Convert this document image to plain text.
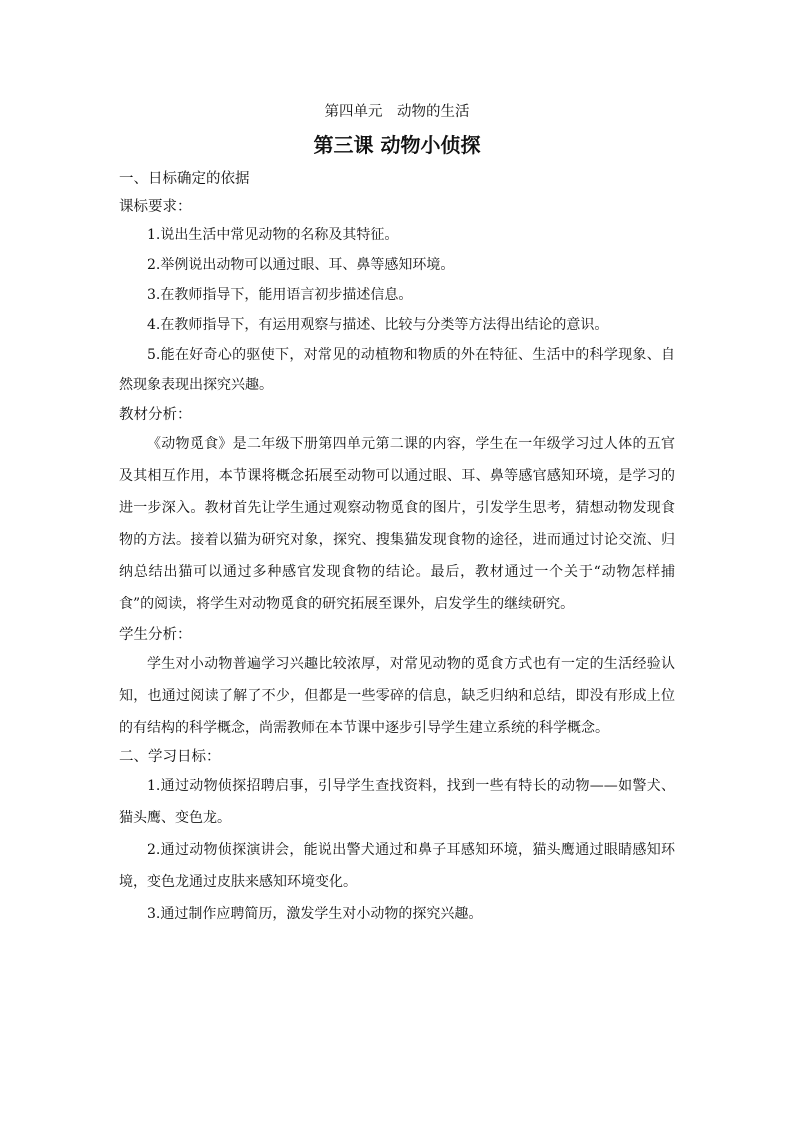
第四单元　动物的生活
第三课 动物小侦探
一、日标确定的依据
课标要求：

1.说出生活中常见动物的名称及其特征。

2.举例说出动物可以通过眼、耳、鼻等感知环境。

3.在教师指导下，能用语言初步描述信息。

4.在教师指导下，有运用观察与描述、比较与分类等方法得出结论的意识。

5.能在好奇心的驱使下，对常见的动植物和物质的外在特征、生活中的科学现象、自然现象表现出探究兴趣。

教材分析：

《动物觅食》是二年级下册第四单元第二课的内容，学生在一年级学习过人体的五官及其相互作用，本节课将概念拓展至动物可以通过眼、耳、鼻等感官感知环境，是学习的进一步深入。教材首先让学生通过观察动物觅食的图片，引发学生思考，猜想动物发现食物的方法。接着以猫为研究对象，探究、搜集猫发现食物的途径，进而通过讨论交流、归纳总结出猫可以通过多种感官发现食物的结论。最后，教材通过一个关于“动物怎样捕食”的阅读，将学生对动物觅食的研究拓展至课外，启发学生的继续研究。

学生分析：

学生对小动物普遍学习兴趣比较浓厚，对常见动物的觅食方式也有一定的生活经验认知，也通过阅读了解了不少，但都是一些零碎的信息，缺乏归纳和总结，即没有形成上位的有结构的科学概念，尚需教师在本节课中逐步引导学生建立系统的科学概念。

二、学习日标：

1.通过动物侦探招聘启事，引导学生查找资料，找到一些有特长的动物——如警犬、猫头鹰、变色龙。

2.通过动物侦探演讲会，能说出警犬通过和鼻子耳感知环境，猫头鹰通过眼睛感知环境，变色龙通过皮肤来感知环境变化。

3.通过制作应聘简历，激发学生对小动物的探究兴趣。
